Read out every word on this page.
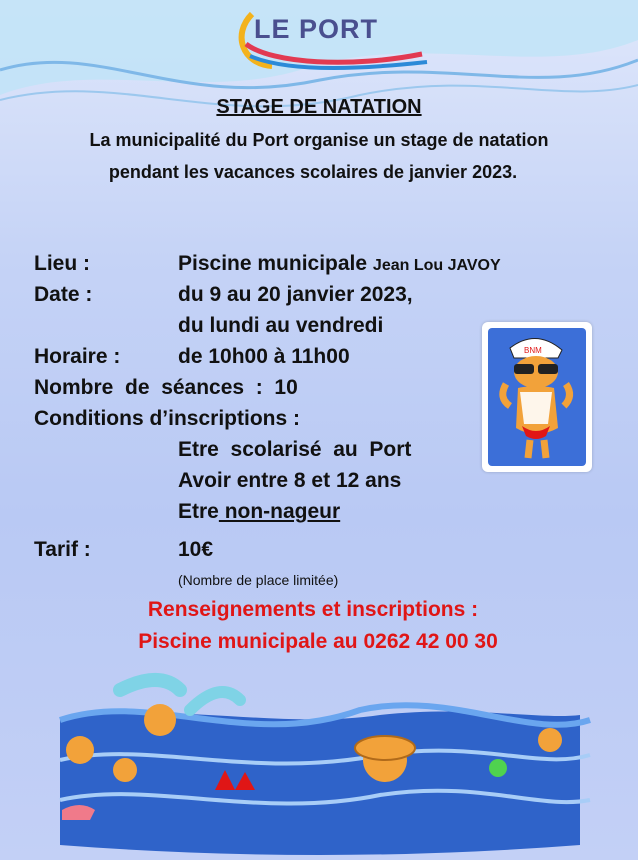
LE PORT
STAGE DE NATATION
La municipalité du Port organise un stage de natation
pendant les vacances scolaires de janvier 2023.
Lieu :	Piscine municipale Jean Lou JAVOY
Date :	du 9 au 20 janvier 2023,
du lundi au vendredi
Horaire :	de 10h00 à 11h00
Nombre  de  séances  :  10
Conditions d’inscriptions :
Etre  scolarisé  au  Port
Avoir entre 8 et 12 ans
Etre non-nageur
Tarif :	10€
(Nombre de place limitée)
Renseignements et inscriptions :
Piscine municipale au 0262 42 00 30
BNM
